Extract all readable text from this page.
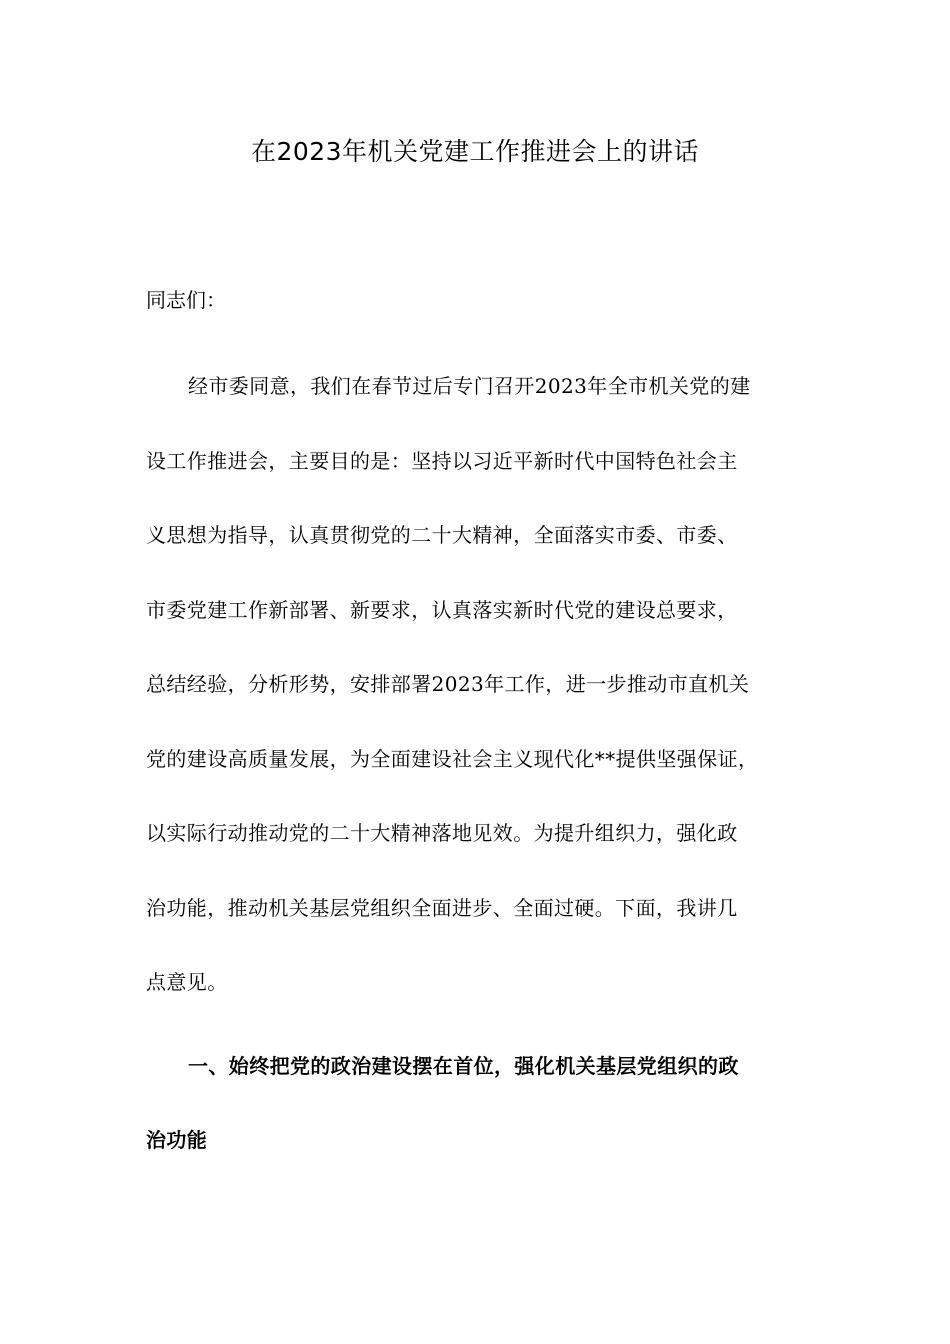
在2023年机关党建工作推进会上的讲话

同志们：

经市委同意，我们在春节过后专门召开2023年全市机关党的建
设工作推进会，主要目的是：坚持以习近平新时代中国特色社会主
义思想为指导，认真贯彻党的二十大精神，全面落实市委、市委、
市委党建工作新部署、新要求，认真落实新时代党的建设总要求，
总结经验，分析形势，安排部署2023年工作，进一步推动市直机关
党的建设高质量发展，为全面建设社会主义现代化**提供坚强保证，
以实际行动推动党的二十大精神落地见效。为提升组织力，强化政
治功能，推动机关基层党组织全面进步、全面过硬。下面，我讲几
点意见。
一、始终把党的政治建设摆在首位，强化机关基层党组织的政
治功能
